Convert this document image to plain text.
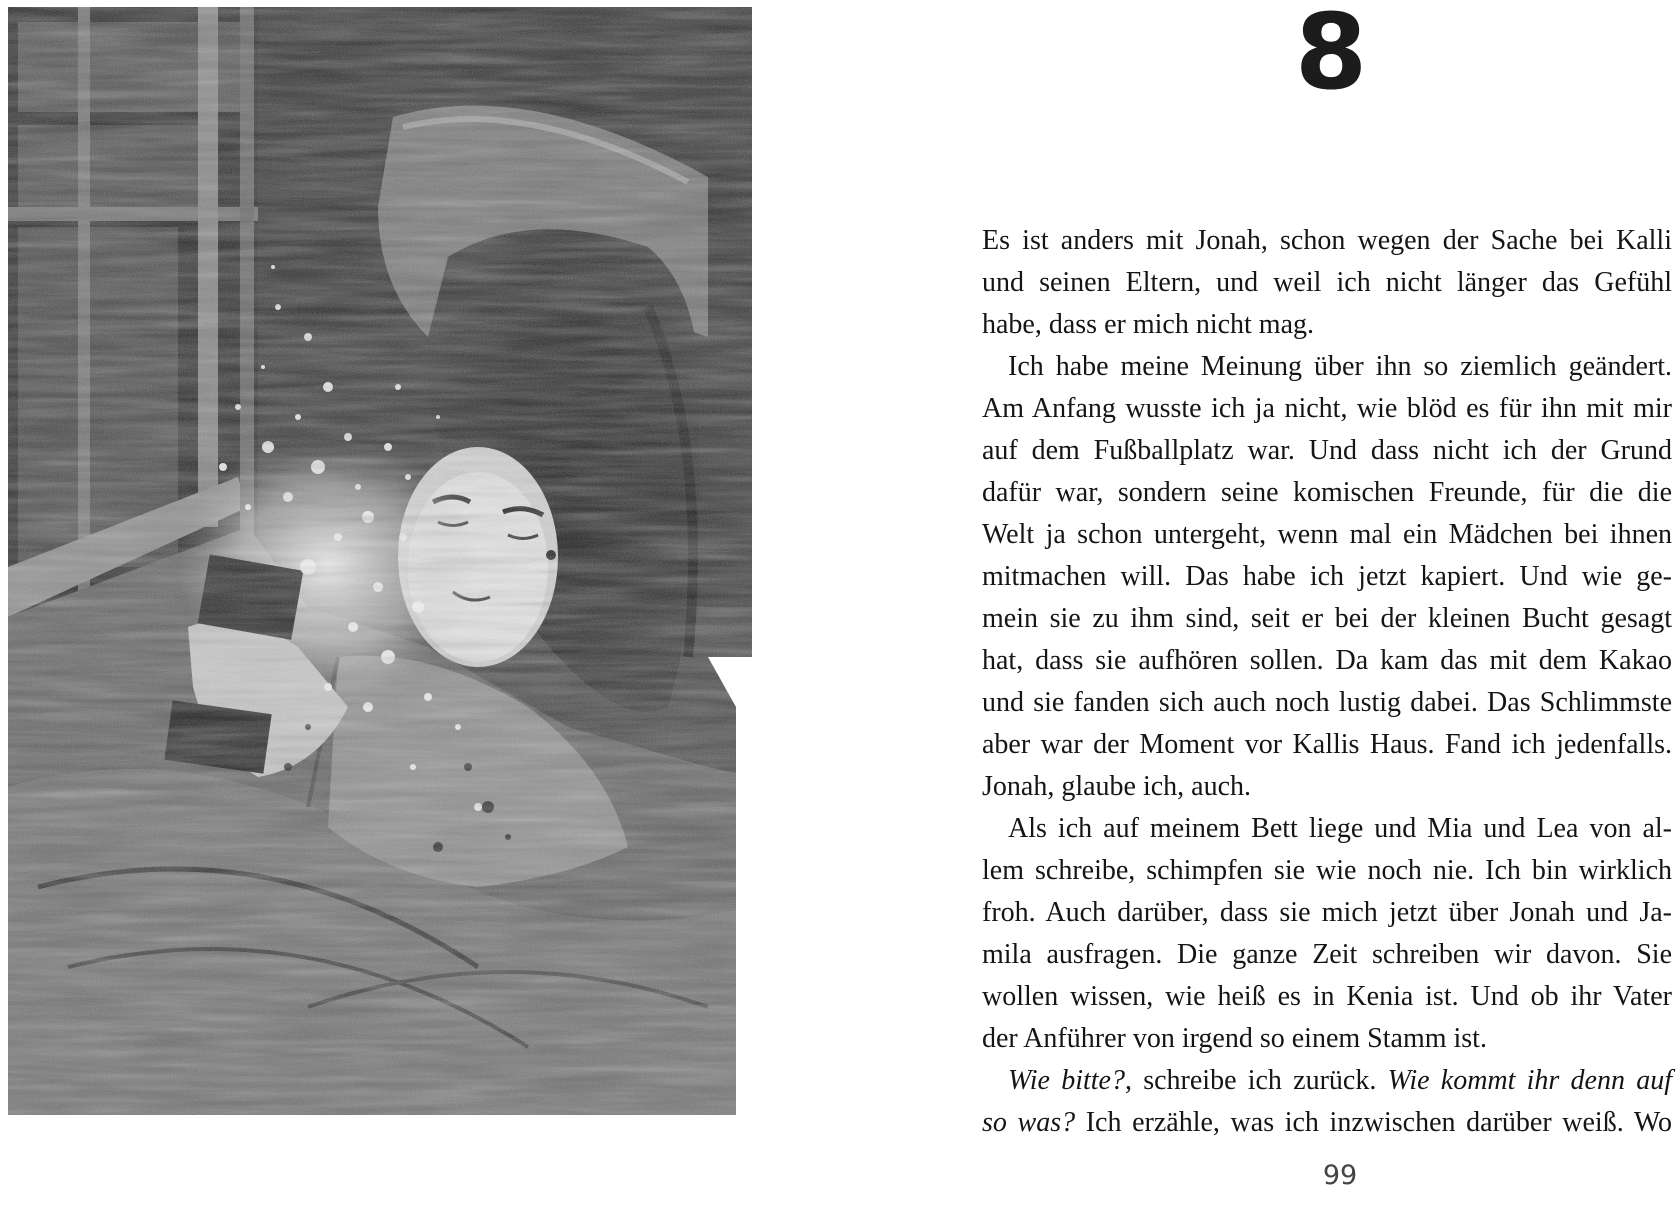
8
Es ist anders mit Jonah, schon wegen der Sache bei Kalli
und seinen Eltern, und weil ich nicht länger das Gefühl
habe, dass er mich nicht mag.
Ich habe meine Meinung über ihn so ziemlich geändert.
Am Anfang wusste ich ja nicht, wie blöd es für ihn mit mir
auf dem Fußballplatz war. Und dass nicht ich der Grund
dafür war, sondern seine komischen Freunde, für die die
Welt ja schon untergeht, wenn mal ein Mädchen bei ihnen
mitmachen will. Das habe ich jetzt kapiert. Und wie ge-
mein sie zu ihm sind, seit er bei der kleinen Bucht gesagt
hat, dass sie aufhören sollen. Da kam das mit dem Kakao
und sie fanden sich auch noch lustig dabei. Das Schlimmste
aber war der Moment vor Kallis Haus. Fand ich jedenfalls.
Jonah, glaube ich, auch.
Als ich auf meinem Bett liege und Mia und Lea von al-
lem schreibe, schimpfen sie wie noch nie. Ich bin wirklich
froh. Auch darüber, dass sie mich jetzt über Jonah und Ja-
mila ausfragen. Die ganze Zeit schreiben wir davon. Sie
wollen wissen, wie heiß es in Kenia ist. Und ob ihr Vater
der Anführer von irgend so einem Stamm ist.
Wie bitte?, schreibe ich zurück. Wie kommt ihr denn auf
so was? Ich erzähle, was ich inzwischen darüber weiß. Wo
99
